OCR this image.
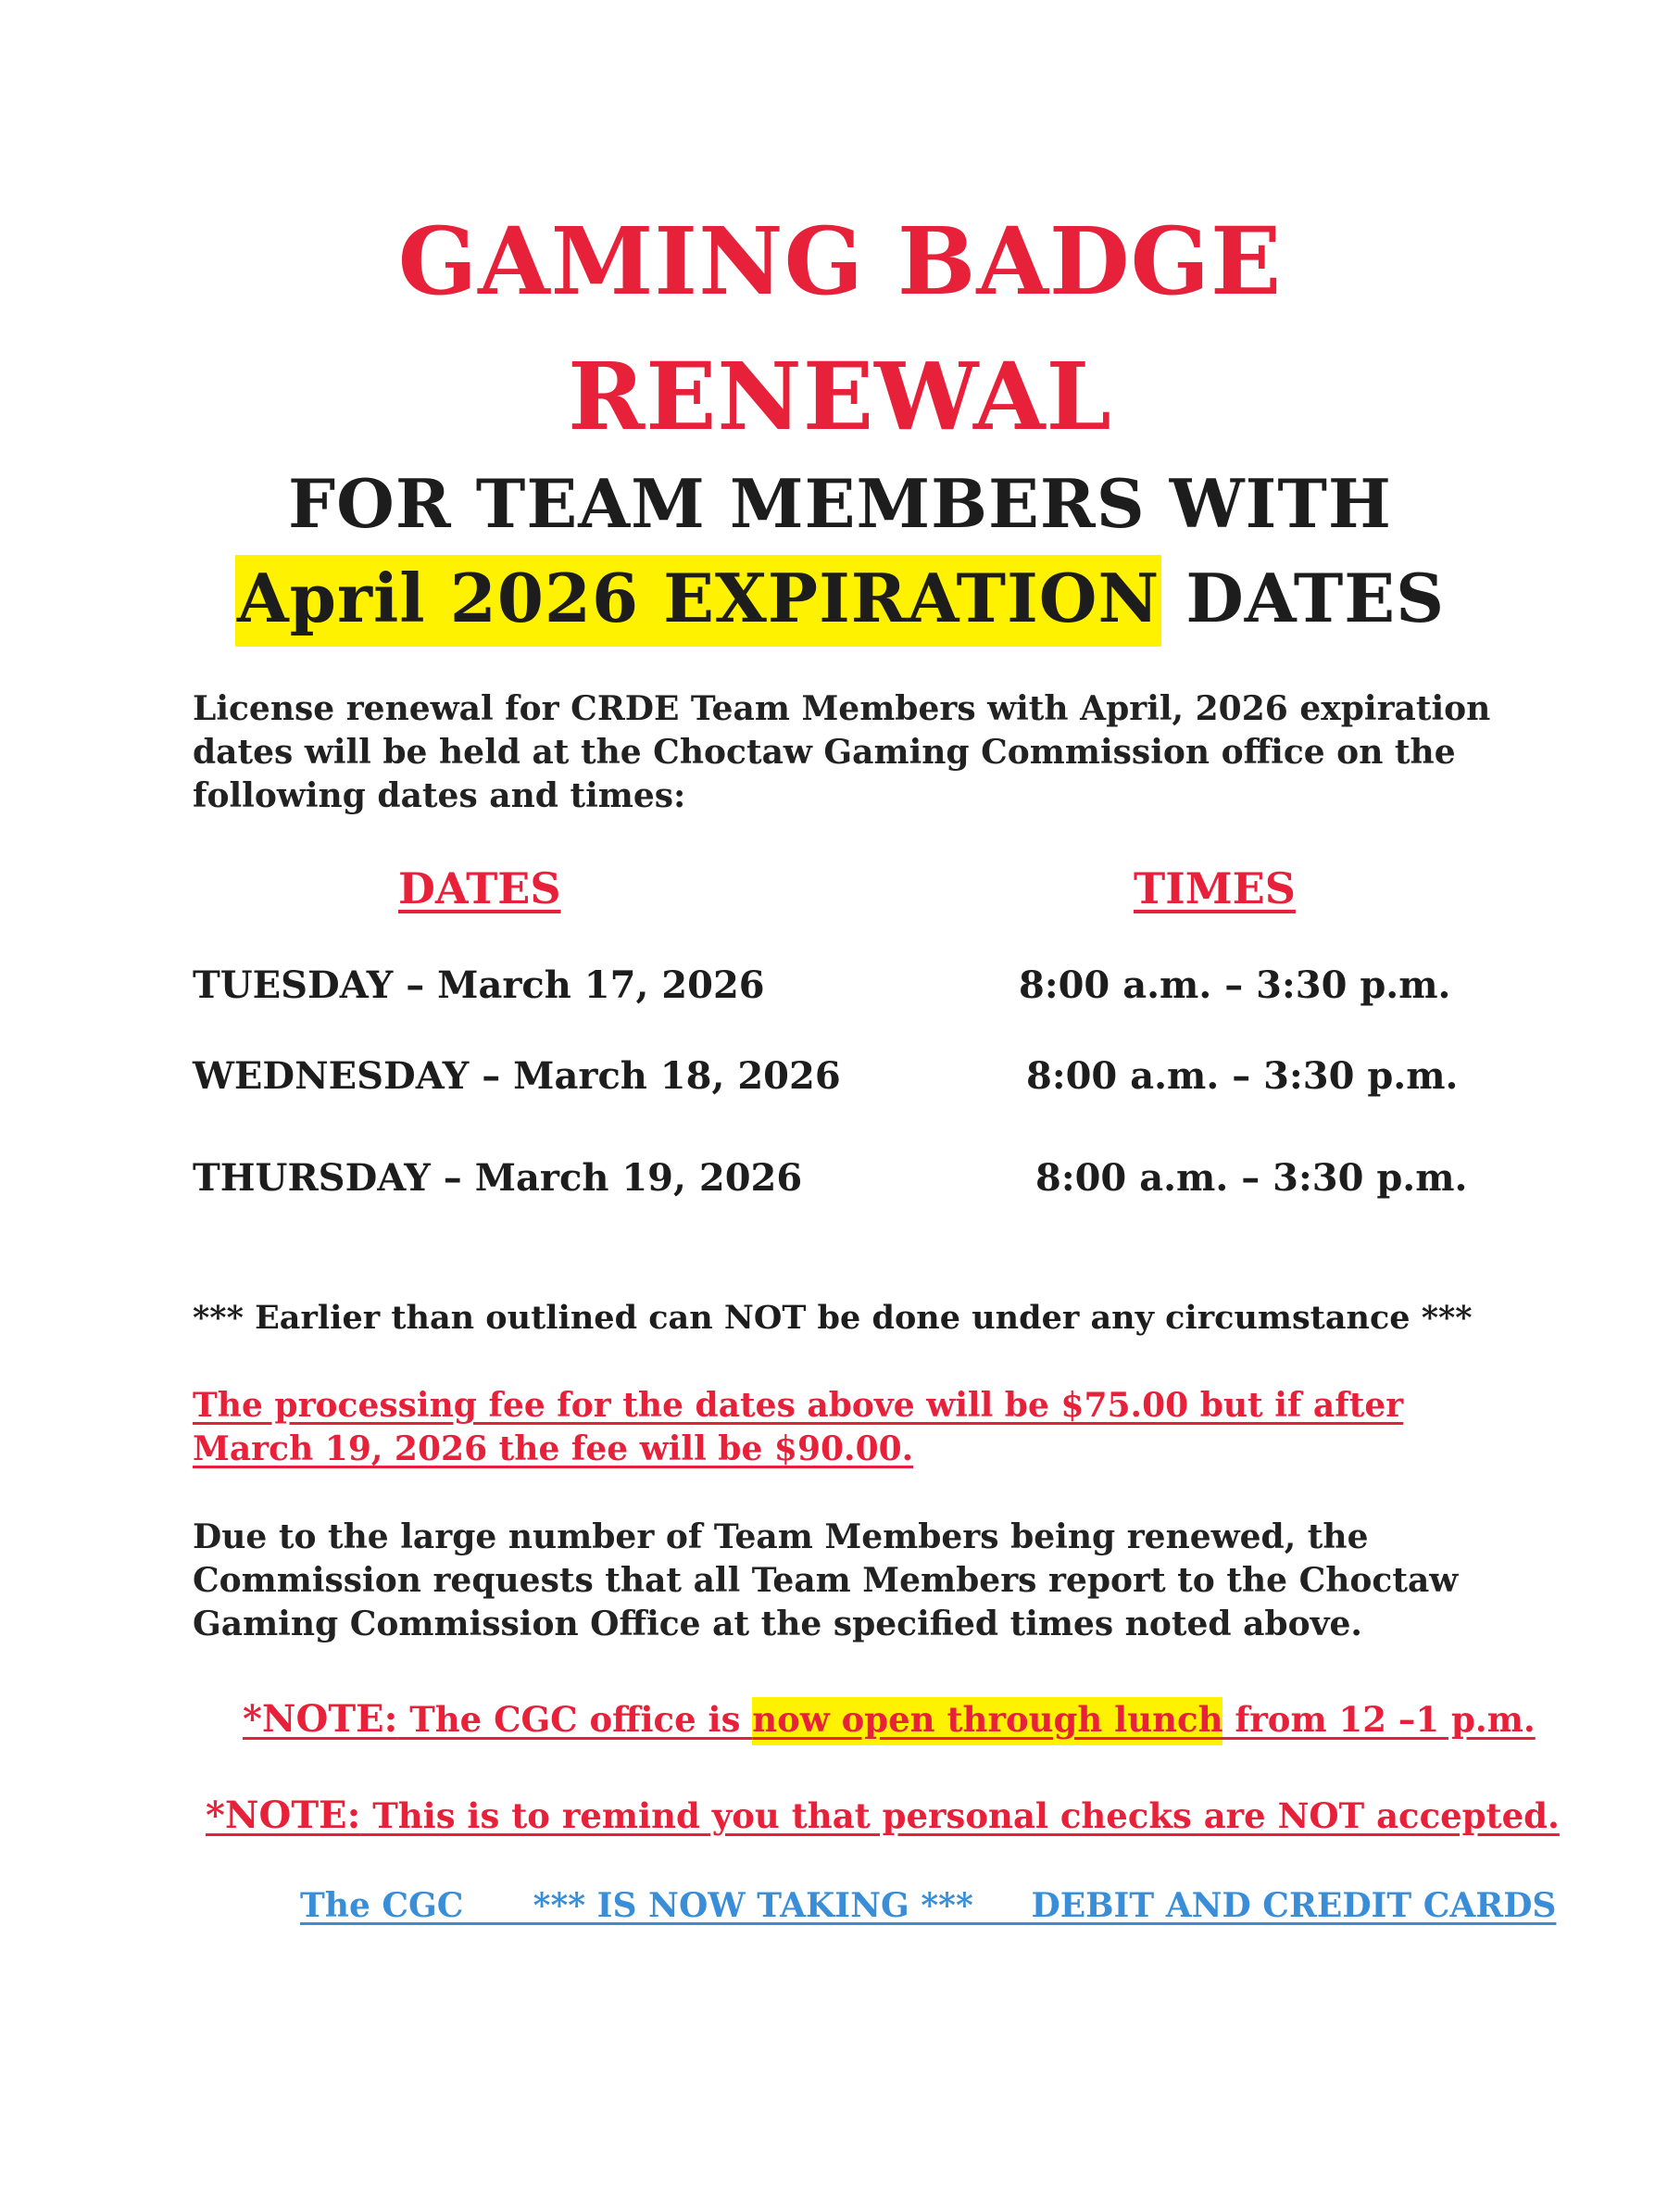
GAMING BADGE
RENEWAL
FOR TEAM MEMBERS WITH
April 2026 EXPIRATION DATES
License renewal for CRDE Team Members with April, 2026 expiration
dates will be held at the Choctaw Gaming Commission office on the
following dates and times:
DATES	TIMES
TUESDAY – March 17, 2026	8:00 a.m. – 3:30 p.m.
WEDNESDAY – March 18, 2026	8:00 a.m. – 3:30 p.m.
THURSDAY – March 19, 2026	8:00 a.m. – 3:30 p.m.
*** Earlier than outlined can NOT be done under any circumstance ***
The processing fee for the dates above will be $75.00 but if after
March 19, 2026 the fee will be $90.00.
Due to the large number of Team Members being renewed, the
Commission requests that all Team Members report to the Choctaw
Gaming Commission Office at the specified times noted above.
*NOTE: The CGC office is now open through lunch from 12 –1 p.m.
*NOTE: This is to remind you that personal checks are NOT accepted.
The CGC      *** IS NOW TAKING ***     DEBIT AND CREDIT CARDS
